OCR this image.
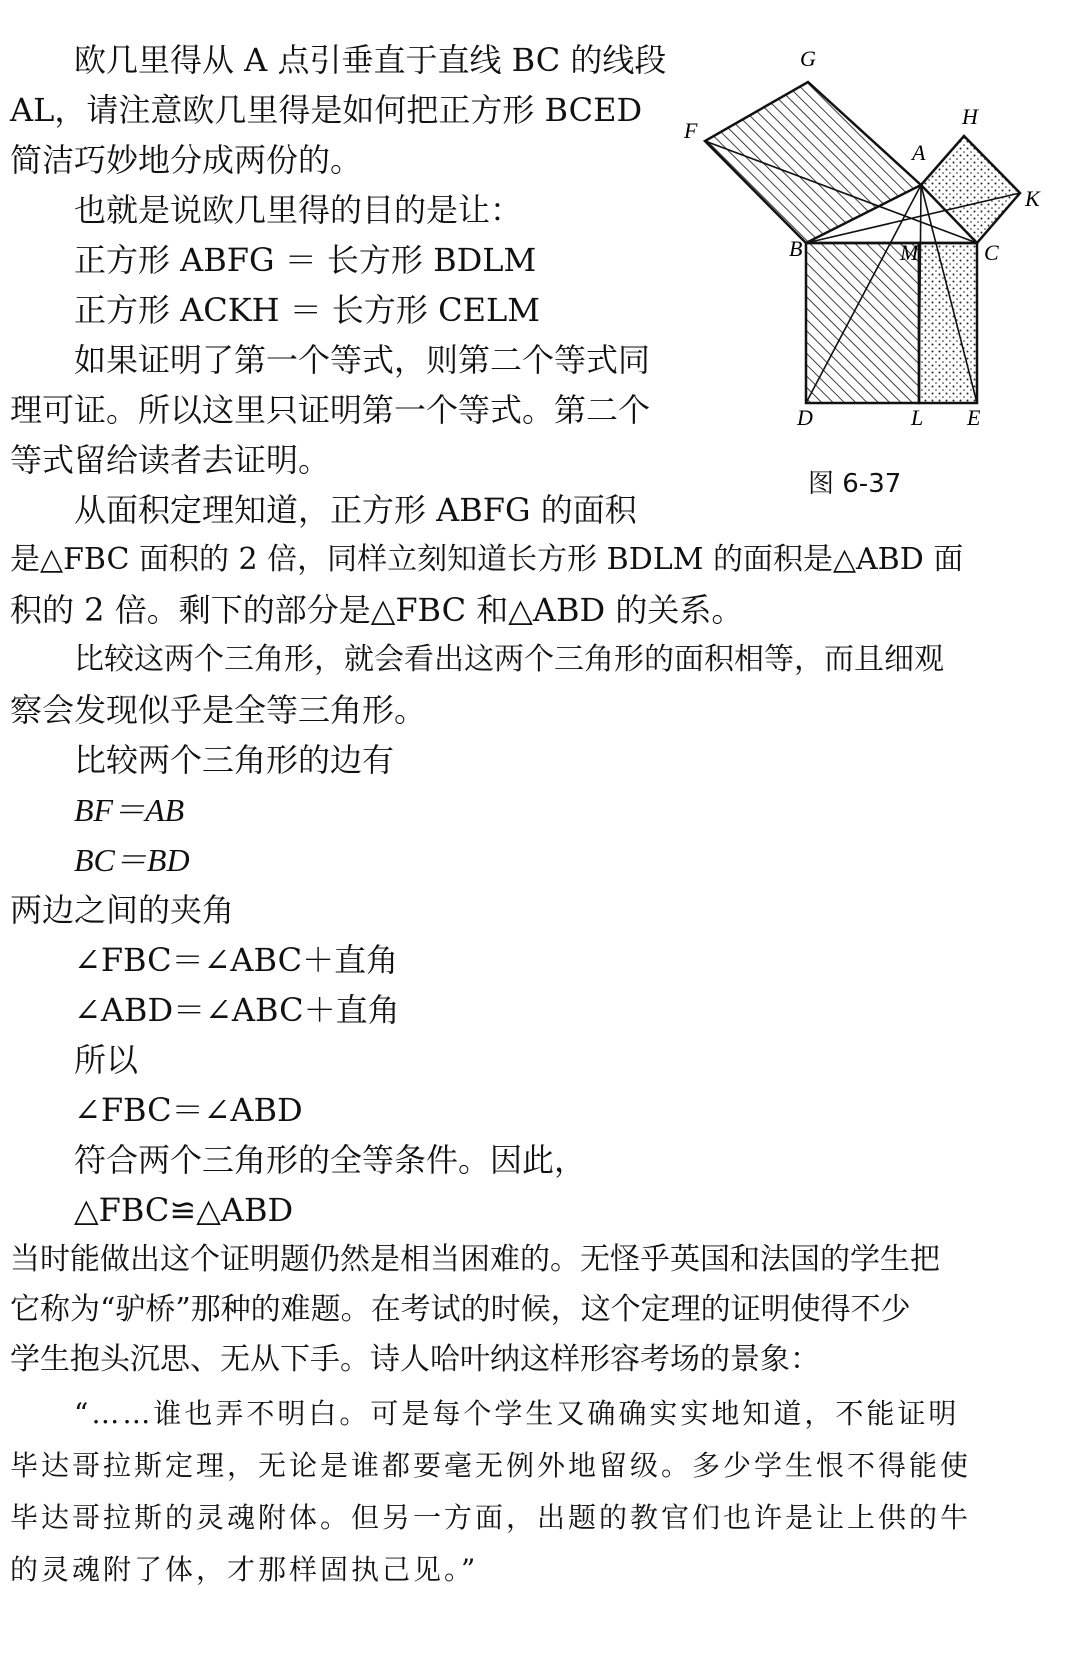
欧几里得从 A 点引垂直于直线 BC 的线段
AL，请注意欧几里得是如何把正方形 BCED
简洁巧妙地分成两份的。
也就是说欧几里得的目的是让：
正方形 ABFG ＝ 长方形 BDLM
正方形 ACKH ＝ 长方形 CELM
如果证明了第一个等式，则第二个等式同
理可证。所以这里只证明第一个等式。第二个
等式留给读者去证明。
从面积定理知道，正方形 ABFG 的面积
是△FBC 面积的 2 倍，同样立刻知道长方形 BDLM 的面积是△ABD 面
积的 2 倍。剩下的部分是△FBC 和△ABD 的关系。
比较这两个三角形，就会看出这两个三角形的面积相等，而且细观
察会发现似乎是全等三角形。
比较两个三角形的边有
BF＝AB
BC＝BD
两边之间的夹角
∠FBC＝∠ABC＋直角
∠ABD＝∠ABC＋直角
所以
∠FBC＝∠ABD
符合两个三角形的全等条件。因此，
△FBC≌△ABD
当时能做出这个证明题仍然是相当困难的。无怪乎英国和法国的学生把
它称为“驴桥”那种的难题。在考试的时候，这个定理的证明使得不少
学生抱头沉思、无从下手。诗人哈叶纳这样形容考场的景象：
“……谁也弄不明白。可是每个学生又确确实实地知道，不能证明
毕达哥拉斯定理，无论是谁都要毫无例外地留级。多少学生恨不得能使
毕达哥拉斯的灵魂附体。但另一方面，出题的教官们也许是让上供的牛
的灵魂附了体，才那样固执己见。”
G
H
F
A
K
B	M	C
D	L E
图 6-37
